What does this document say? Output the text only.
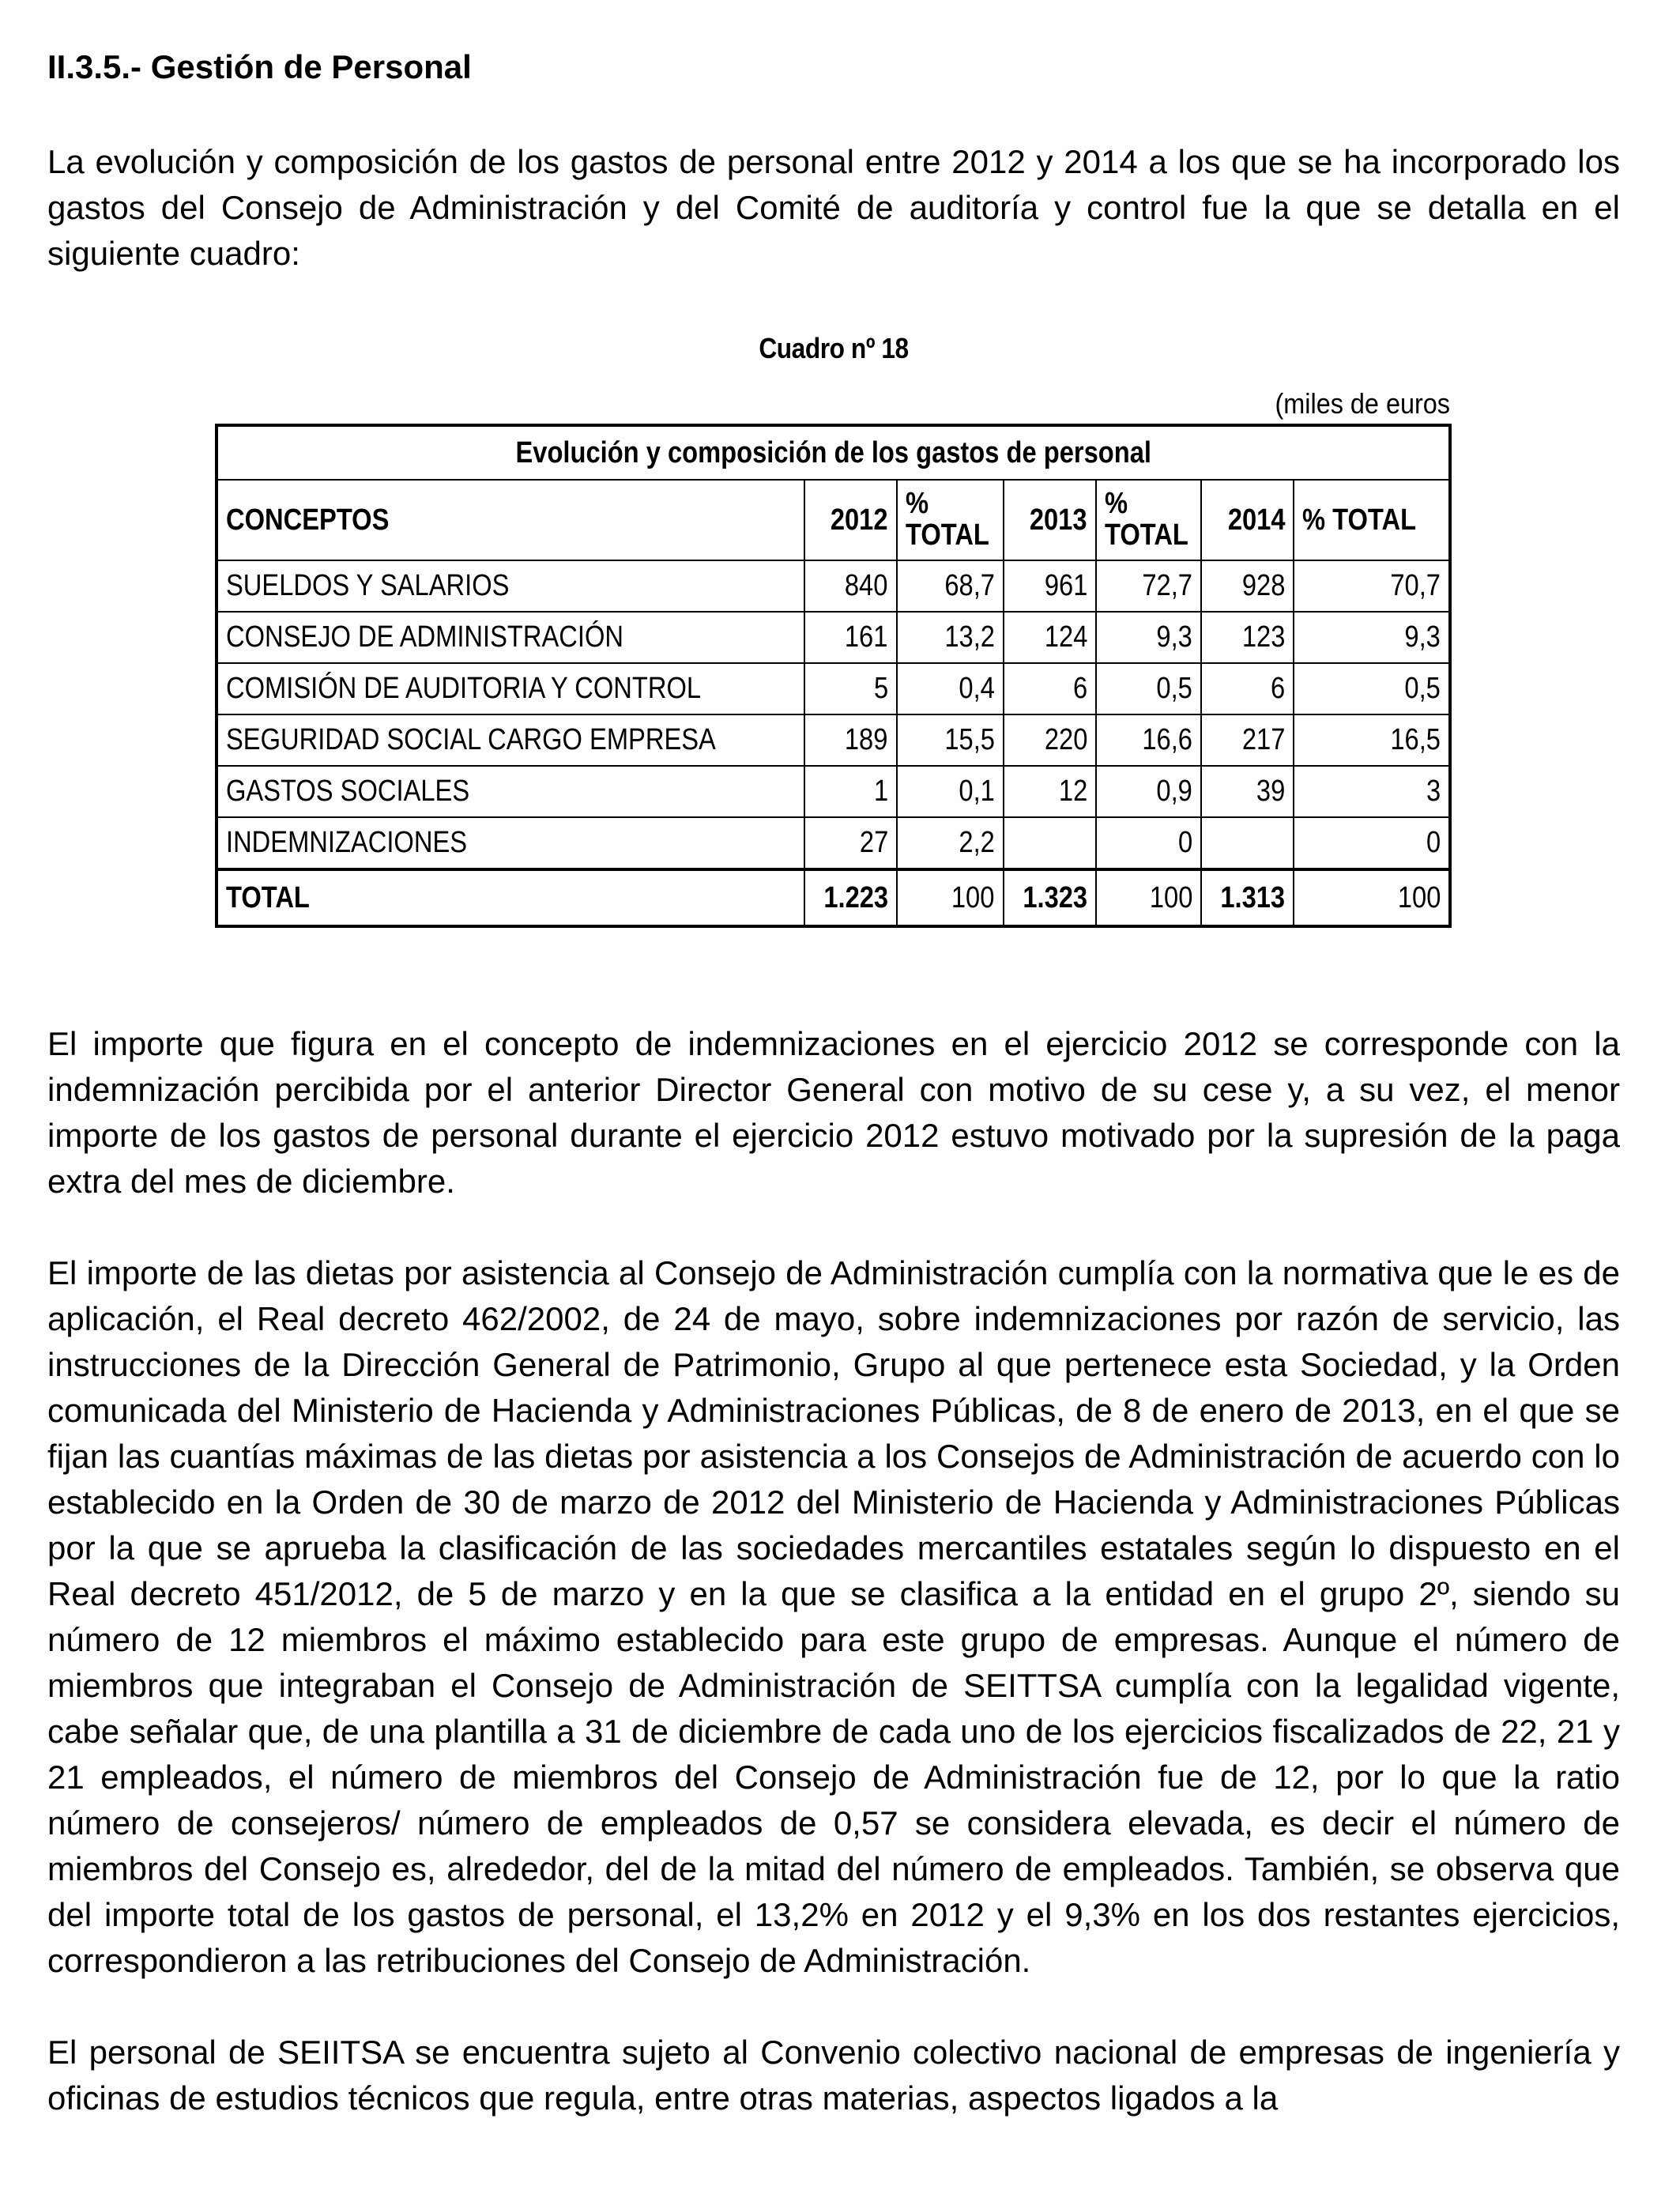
II.3.5.- Gestión de Personal

La evolución y composición de los gastos de personal entre 2012 y 2014 a los que se ha incorporado los gastos del Consejo de Administración y del Comité de auditoría y control fue la que se detalla en el siguiente cuadro:

Cuadro nº 18
(miles de euros
Evolución y composición de los gastos de personal						
CONCEPTOS	2012	% TOTAL	2013	% TOTAL	2014	% TOTAL
SUELDOS Y SALARIOS	840	68,7	961	72,7	928	70,7
CONSEJO DE ADMINISTRACIÓN	161	13,2	124	9,3	123	9,3
COMISIÓN DE AUDITORIA Y CONTROL	5	0,4	6	0,5	6	0,5
SEGURIDAD SOCIAL CARGO EMPRESA	189	15,5	220	16,6	217	16,5
GASTOS SOCIALES	1	0,1	12	0,9	39	3
INDEMNIZACIONES	27	2,2		0		0
TOTAL	1.223	100	1.323	100	1.313	100

El importe que figura en el concepto de indemnizaciones en el ejercicio 2012 se corresponde con la indemnización percibida por el anterior Director General con motivo de su cese y, a su vez, el menor importe de los gastos de personal durante el ejercicio 2012 estuvo motivado por la supresión de la paga extra del mes de diciembre.

El importe de las dietas por asistencia al Consejo de Administración cumplía con la normativa que le es de aplicación, el Real decreto 462/2002, de 24 de mayo, sobre indemnizaciones por razón de servicio, las instrucciones de la Dirección General de Patrimonio, Grupo al que pertenece esta Sociedad, y la Orden comunicada del Ministerio de Hacienda y Administraciones Públicas, de 8 de enero de 2013, en el que se fijan las cuantías máximas de las dietas por asistencia a los Consejos de Administración de acuerdo con lo establecido en la Orden de 30 de marzo de 2012 del Ministerio de Hacienda y Administraciones Públicas por la que se aprueba la clasificación de las sociedades mercantiles estatales según lo dispuesto en el Real decreto 451/2012, de 5 de marzo y en la que se clasifica a la entidad en el grupo 2º, siendo su número de 12 miembros el máximo establecido para este grupo de empresas. Aunque el número de miembros que integraban el Consejo de Administración de SEITTSA cumplía con la legalidad vigente, cabe señalar que, de una plantilla a 31 de diciembre de cada uno de los ejercicios fiscalizados de 22, 21 y 21 empleados, el número de miembros del Consejo de Administración fue de 12, por lo que la ratio número de consejeros/ número de empleados de 0,57 se considera elevada, es decir el número de miembros del Consejo es, alrededor, del de la mitad del número de empleados. También, se observa que del importe total de los gastos de personal, el 13,2% en 2012 y el 9,3% en los dos restantes ejercicios, correspondieron a las retribuciones del Consejo de Administración.

El personal de SEIITSA se encuentra sujeto al Convenio colectivo nacional de empresas de ingeniería y oficinas de estudios técnicos que regula, entre otras materias, aspectos ligados a la
